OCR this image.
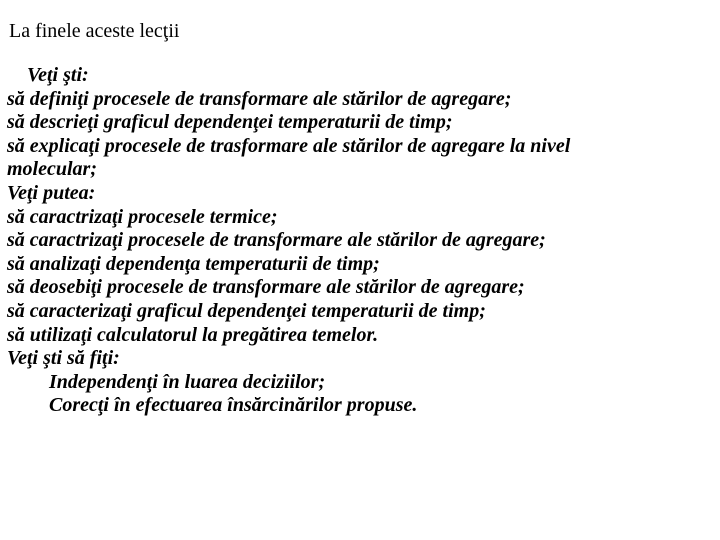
La finele aceste lecţii
Veţi şti:
să definiţi procesele de transformare ale stărilor de agregare;
să descrieţi graficul dependenţei temperaturii de timp;
să explicaţi procesele de trasformare ale stărilor de agregare la nivel
molecular;
Veţi putea:
să caractrizaţi procesele termice;
să caractrizaţi procesele de transformare ale stărilor de agregare;
să analizaţi dependenţa temperaturii de timp;
să deosebiţi procesele de transformare ale stărilor de agregare;
să caracterizaţi graficul dependenţei temperaturii de timp;
să utilizaţi calculatorul la pregătirea temelor.
Veţi şti să fiţi:
Independenţi în luarea deciziilor;
Corecţi în efectuarea însărcinărilor propuse.
